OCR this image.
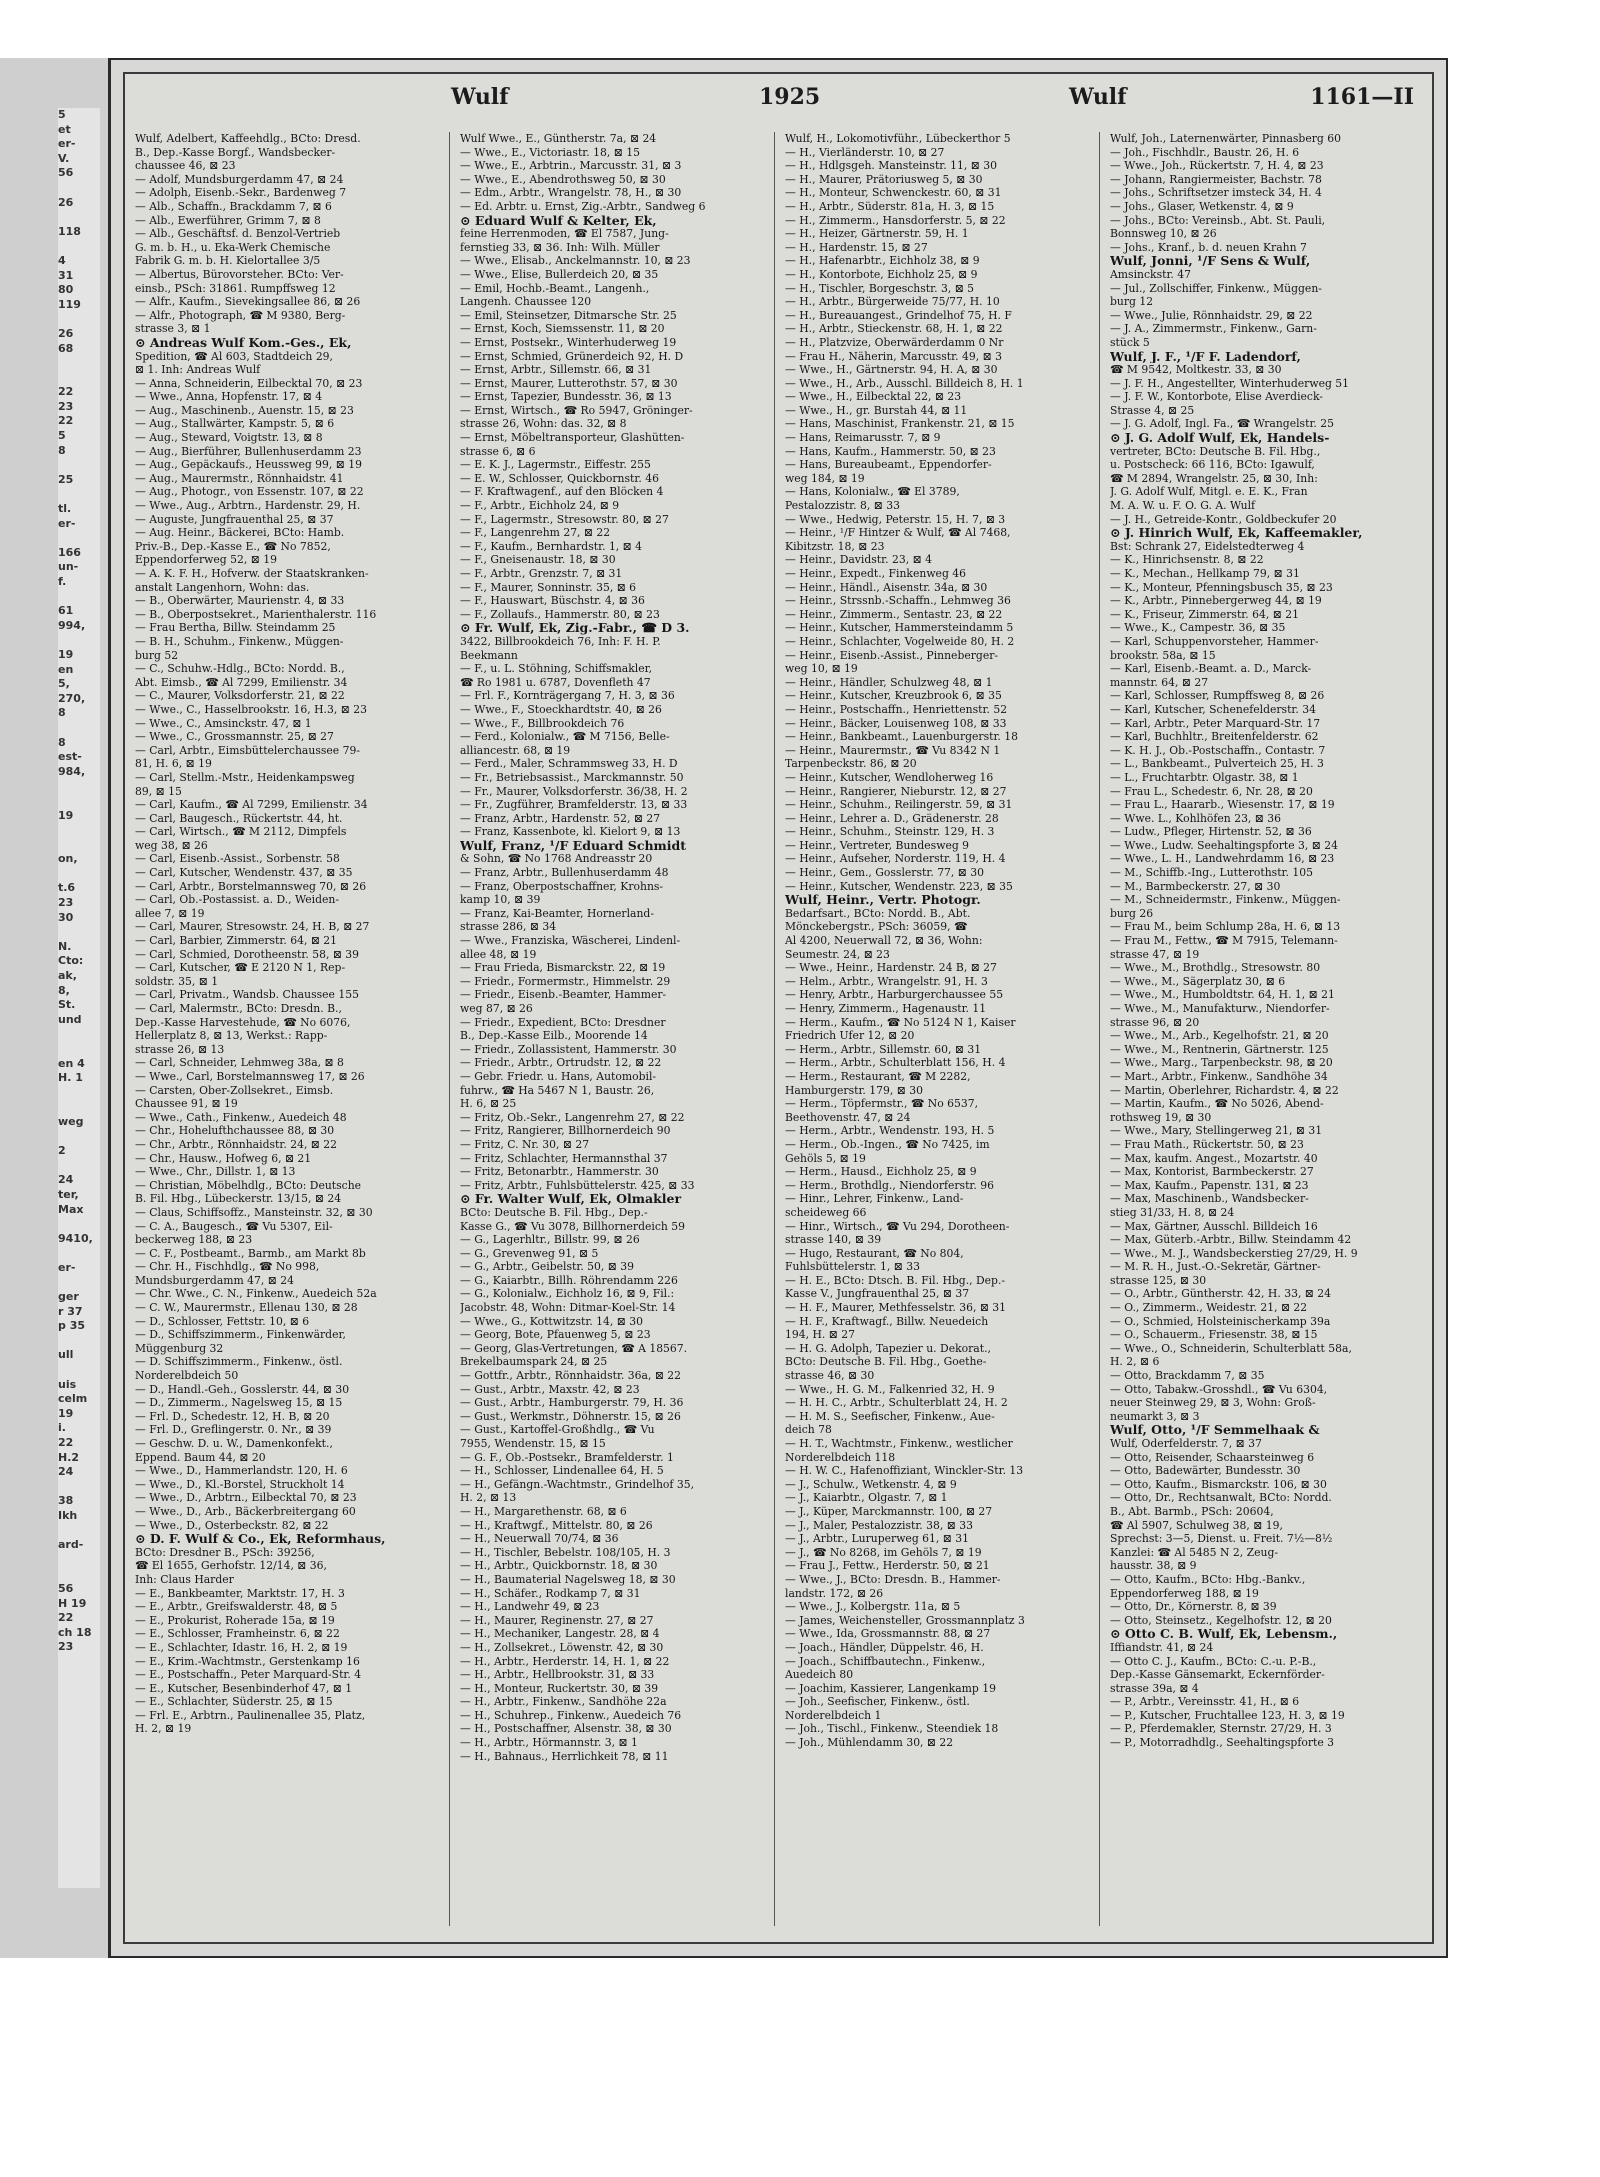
5
et
er-
V.
56

26

118

4
31
80
119

26
68

22
23
22
5
8

25

tl.
er-

166
un-
f.

61
994,

19
en
5,
270,
8

8
est-
984,

19

on,

t.6
23
30

N.
Cto:
ak,
8,
St.
und

en 4
H. 1

weg

2

24
ter,
Max

9410,

er-

ger
r 37
p 35

ull

uis
celm
19
i.
22
H.2
24

38
Ikh

ard-

56
H 19
22
ch 18
23
Wulf	1925	Wulf	1161—II
Wulf, Adelbert, Kaffeehdlg., BCto: Dresd.
B., Dep.-Kasse Borgf., Wandsbecker-
chaussee 46, ⊠ 23
— Adolf, Mundsburgerdamm 47, ⊠ 24
— Adolph, Eisenb.-Sekr., Bardenweg 7
— Alb., Schaffn., Brackdamm 7, ⊠ 6
— Alb., Ewerführer, Grimm 7, ⊠ 8
— Alb., Geschäftsf. d. Benzol-Vertrieb
G. m. b. H., u. Eka-Werk Chemische
Fabrik G. m. b. H. Kielortallee 3/5
— Albertus, Bürovorsteher. BCto: Ver-
einsb., PSch: 31861. Rumpffsweg 12
— Alfr., Kaufm., Sievekingsallee 86, ⊠ 26
— Alfr., Photograph, ☎ M 9380, Berg-
strasse 3, ⊠ 1
⊙ Andreas Wulf Kom.-Ges., Ek,
Spedition, ☎ Al 603, Stadtdeich 29,
⊠ 1. Inh: Andreas Wulf
— Anna, Schneiderin, Eilbecktal 70, ⊠ 23
— Wwe., Anna, Hopfenstr. 17, ⊠ 4
— Aug., Maschinenb., Auenstr. 15, ⊠ 23
— Aug., Stallwärter, Kampstr. 5, ⊠ 6
— Aug., Steward, Voigtstr. 13, ⊠ 8
— Aug., Bierführer, Bullenhuserdamm 23
— Aug., Gepäckaufs., Heussweg 99, ⊠ 19
— Aug., Maurermstr., Rönnhaidstr. 41
— Aug., Photogr., von Essenstr. 107, ⊠ 22
— Wwe., Aug., Arbtrn., Hardenstr. 29, H.
— Auguste, Jungfrauenthal 25, ⊠ 37
— Aug. Heinr., Bäckerei, BCto: Hamb.
Priv.-B., Dep.-Kasse E., ☎ No 7852,
Eppendorferweg 52, ⊠ 19
— A. K. F. H., Hofverw. der Staatskranken-
anstalt Langenhorn, Wohn: das.
— B., Oberwärter, Maurienstr. 4, ⊠ 33
— B., Oberpostsekret., Marienthalerstr. 116
— Frau Bertha, Billw. Steindamm 25
— B. H., Schuhm., Finkenw., Müggen-
burg 52
— C., Schuhw.-Hdlg., BCto: Nordd. B.,
Abt. Eimsb., ☎ Al 7299, Emilienstr. 34
— C., Maurer, Volksdorferstr. 21, ⊠ 22
— Wwe., C., Hasselbrookstr. 16, H.3, ⊠ 23
— Wwe., C., Amsinckstr. 47, ⊠ 1
— Wwe., C., Grossmannstr. 25, ⊠ 27
— Carl, Arbtr., Eimsbüttelerchaussee 79-
81, H. 6, ⊠ 19
— Carl, Stellm.-Mstr., Heidenkampsweg
89, ⊠ 15
— Carl, Kaufm., ☎ Al 7299, Emilienstr. 34
— Carl, Baugesch., Rückertstr. 44, ht.
— Carl, Wirtsch., ☎ M 2112, Dimpfels
weg 38, ⊠ 26
— Carl, Eisenb.-Assist., Sorbenstr. 58
— Carl, Kutscher, Wendenstr. 437, ⊠ 35
— Carl, Arbtr., Borstelmannsweg 70, ⊠ 26
— Carl, Ob.-Postassist. a. D., Weiden-
allee 7, ⊠ 19
— Carl, Maurer, Stresowstr. 24, H. B, ⊠ 27
— Carl, Barbier, Zimmerstr. 64, ⊠ 21
— Carl, Schmied, Dorotheenstr. 58, ⊠ 39
— Carl, Kutscher, ☎ E 2120 N 1, Rep-
soldstr. 35, ⊠ 1
— Carl, Privatm., Wandsb. Chaussee 155
— Carl, Malermstr., BCto: Dresdn. B.,
Dep.-Kasse Harvestehude, ☎ No 6076,
Hellerplatz 8, ⊠ 13, Werkst.: Rapp-
strasse 26, ⊠ 13
— Carl, Schneider, Lehmweg 38a, ⊠ 8
— Wwe., Carl, Borstelmannsweg 17, ⊠ 26
— Carsten, Ober-Zollsekret., Eimsb.
Chaussee 91, ⊠ 19
— Wwe., Cath., Finkenw., Auedeich 48
— Chr., Hohelufthchaussee 88, ⊠ 30
— Chr., Arbtr., Rönnhaidstr. 24, ⊠ 22
— Chr., Hausw., Hofweg 6, ⊠ 21
— Wwe., Chr., Dillstr. 1, ⊠ 13
— Christian, Möbelhdlg., BCto: Deutsche
B. Fil. Hbg., Lübeckerstr. 13/15, ⊠ 24
— Claus, Schiffsoffz., Mansteinstr. 32, ⊠ 30
— C. A., Baugesch., ☎ Vu 5307, Eil-
beckerweg 188, ⊠ 23
— C. F., Postbeamt., Barmb., am Markt 8b
— Chr. H., Fischhdlg., ☎ No 998,
Mundsburgerdamm 47, ⊠ 24
— Chr. Wwe., C. N., Finkenw., Auedeich 52a
— C. W., Maurermstr., Ellenau 130, ⊠ 28
— D., Schlosser, Fettstr. 10, ⊠ 6
— D., Schiffszimmerm., Finkenwärder,
Müggenburg 32
— D. Schiffszimmerm., Finkenw., östl.
Norderelbdeich 50
— D., Handl.-Geh., Gosslerstr. 44, ⊠ 30
— D., Zimmerm., Nagelsweg 15, ⊠ 15
— Frl. D., Schedestr. 12, H. B, ⊠ 20
— Frl. D., Greflingerstr. 0. Nr., ⊠ 39
— Geschw. D. u. W., Damenkonfekt.,
Eppend. Baum 44, ⊠ 20
— Wwe., D., Hammerlandstr. 120, H. 6
— Wwe., D., Kl.-Borstel, Struckholt 14
— Wwe., D., Arbtrn., Eilbecktal 70, ⊠ 23
— Wwe., D., Arb., Bäckerbreitergang 60
— Wwe., D., Osterbeckstr. 82, ⊠ 22
⊙ D. F. Wulf & Co., Ek, Reformhaus,
BCto: Dresdner B., PSch: 39256,
☎ El 1655, Gerhofstr. 12/14, ⊠ 36,
Inh: Claus Harder
— E., Bankbeamter, Marktstr. 17, H. 3
— E., Arbtr., Greifswalderstr. 48, ⊠ 5
— E., Prokurist, Roherade 15a, ⊠ 19
— E., Schlosser, Framheinstr. 6, ⊠ 22
— E., Schlachter, Idastr. 16, H. 2, ⊠ 19
— E., Krim.-Wachtmstr., Gerstenkamp 16
— E., Postschaffn., Peter Marquard-Str. 4
— E., Kutscher, Besenbinderhof 47, ⊠ 1
— E., Schlachter, Süderstr. 25, ⊠ 15
— Frl. E., Arbtrn., Paulinenallee 35, Platz,
H. 2, ⊠ 19
Wulf Wwe., E., Güntherstr. 7a, ⊠ 24
— Wwe., E., Victoriastr. 18, ⊠ 15
— Wwe., E., Arbtrin., Marcusstr. 31, ⊠ 3
— Wwe., E., Abendrothsweg 50, ⊠ 30
— Edm., Arbtr., Wrangelstr. 78, H., ⊠ 30
— Ed. Arbtr. u. Ernst, Zig.-Arbtr., Sandweg 6
⊙ Eduard Wulf & Kelter, Ek,
feine Herrenmoden, ☎ El 7587, Jung-
fernstieg 33, ⊠ 36. Inh: Wilh. Müller
— Wwe., Elisab., Anckelmannstr. 10, ⊠ 23
— Wwe., Elise, Bullerdeich 20, ⊠ 35
— Emil, Hochb.-Beamt., Langenh.,
Langenh. Chaussee 120
— Emil, Steinsetzer, Ditmarsche Str. 25
— Ernst, Koch, Siemssenstr. 11, ⊠ 20
— Ernst, Postsekr., Winterhuderweg 19
— Ernst, Schmied, Grünerdeich 92, H. D
— Ernst, Arbtr., Sillemstr. 66, ⊠ 31
— Ernst, Maurer, Lutterothstr. 57, ⊠ 30
— Ernst, Tapezier, Bundesstr. 36, ⊠ 13
— Ernst, Wirtsch., ☎ Ro 5947, Gröninger-
strasse 26, Wohn: das. 32, ⊠ 8
— Ernst, Möbeltransporteur, Glashütten-
strasse 6, ⊠ 6
— E. K. J., Lagermstr., Eiffestr. 255
— E. W., Schlosser, Quickbornstr. 46
— F. Kraftwagenf., auf den Blöcken 4
— F., Arbtr., Eichholz 24, ⊠ 9
— F., Lagermstr., Stresowstr. 80, ⊠ 27
— F., Langenrehm 27, ⊠ 22
— F., Kaufm., Bernhardstr. 1, ⊠ 4
— F., Gneisenaustr. 18, ⊠ 30
— F., Arbtr., Grenzstr. 7, ⊠ 31
— F., Maurer, Sonninstr. 35, ⊠ 6
— F., Hauswart, Büschstr. 4, ⊠ 36
— F., Zollaufs., Hammerstr. 80, ⊠ 23
⊙ Fr. Wulf, Ek, Zig.-Fabr., ☎ D 3.
3422, Billbrookdeich 76, Inh: F. H. P.
Beekmann
— F., u. L. Stöhning, Schiffsmakler,
☎ Ro 1981 u. 6787, Dovenfleth 47
— Frl. F., Kornträgergang 7, H. 3, ⊠ 36
— Wwe., F., Stoeckhardtstr. 40, ⊠ 26
— Wwe., F., Billbrookdeich 76
— Ferd., Kolonialw., ☎ M 7156, Belle-
alliancestr. 68, ⊠ 19
— Ferd., Maler, Schrammsweg 33, H. D
— Fr., Betriebsassist., Marckmannstr. 50
— Fr., Maurer, Volksdorferstr. 36/38, H. 2
— Fr., Zugführer, Bramfelderstr. 13, ⊠ 33
— Franz, Arbtr., Hardenstr. 52, ⊠ 27
— Franz, Kassenbote, kl. Kielort 9, ⊠ 13
Wulf, Franz, ¹/F Eduard Schmidt
& Sohn, ☎ No 1768 Andreasstr 20
— Franz, Arbtr., Bullenhuserdamm 48
— Franz, Oberpostschaffner, Krohns-
kamp 10, ⊠ 39
— Franz, Kai-Beamter, Hornerland-
strasse 286, ⊠ 34
— Wwe., Franziska, Wäscherei, Lindenl-
allee 48, ⊠ 19
— Frau Frieda, Bismarckstr. 22, ⊠ 19
— Friedr., Formermstr., Himmelstr. 29
— Friedr., Eisenb.-Beamter, Hammer-
weg 87, ⊠ 26
— Friedr., Expedient, BCto: Dresdner
B., Dep.-Kasse Eilb., Moorende 14
— Friedr., Zollassistent, Hammerstr. 30
— Friedr., Arbtr., Ortrudstr. 12, ⊠ 22
— Gebr. Friedr. u. Hans, Automobil-
fuhrw., ☎ Ha 5467 N 1, Baustr. 26,
H. 6, ⊠ 25
— Fritz, Ob.-Sekr., Langenrehm 27, ⊠ 22
— Fritz, Rangierer, Billhornerdeich 90
— Fritz, C. Nr. 30, ⊠ 27
— Fritz, Schlachter, Hermannsthal 37
— Fritz, Betonarbtr., Hammerstr. 30
— Fritz, Arbtr., Fuhlsbüttelerstr. 425, ⊠ 33
⊙ Fr. Walter Wulf, Ek, Olmakler
BCto: Deutsche B. Fil. Hbg., Dep.-
Kasse G., ☎ Vu 3078, Billhornerdeich 59
— G., Lagerhltr., Billstr. 99, ⊠ 26
— G., Grevenweg 91, ⊠ 5
— G., Arbtr., Geibelstr. 50, ⊠ 39
— G., Kaiarbtr., Billh. Röhrendamm 226
— G., Kolonialw., Eichholz 16, ⊠ 9, Fil.:
Jacobstr. 48, Wohn: Ditmar-Koel-Str. 14
— Wwe., G., Kottwitzstr. 14, ⊠ 30
— Georg, Bote, Pfauenweg 5, ⊠ 23
— Georg, Glas-Vertretungen, ☎ A 18567.
Brekelbaumspark 24, ⊠ 25
— Gottfr., Arbtr., Rönnhaidstr. 36a, ⊠ 22
— Gust., Arbtr., Maxstr. 42, ⊠ 23
— Gust., Arbtr., Hamburgerstr. 79, H. 36
— Gust., Werkmstr., Döhnerstr. 15, ⊠ 26
— Gust., Kartoffel-Großhdlg., ☎ Vu
7955, Wendenstr. 15, ⊠ 15
— G. F., Ob.-Postsekr., Bramfelderstr. 1
— H., Schlosser, Lindenallee 64, H. 5
— H., Gefängn.-Wachtmstr., Grindelhof 35,
H. 2, ⊠ 13
— H., Margarethenstr. 68, ⊠ 6
— H., Kraftwgf., Mittelstr. 80, ⊠ 26
— H., Neuerwall 70/74, ⊠ 36
— H., Tischler, Bebelstr. 108/105, H. 3
— H., Arbtr., Quickbornstr. 18, ⊠ 30
— H., Baumaterial Nagelsweg 18, ⊠ 30
— H., Schäfer., Rodkamp 7, ⊠ 31
— H., Landwehr 49, ⊠ 23
— H., Maurer, Reginenstr. 27, ⊠ 27
— H., Mechaniker, Langestr. 28, ⊠ 4
— H., Zollsekret., Löwenstr. 42, ⊠ 30
— H., Arbtr., Herderstr. 14, H. 1, ⊠ 22
— H., Arbtr., Hellbrookstr. 31, ⊠ 33
— H., Monteur, Ruckertstr. 30, ⊠ 39
— H., Arbtr., Finkenw., Sandhöhe 22a
— H., Schuhrep., Finkenw., Auedeich 76
— H., Postschaffner, Alsenstr. 38, ⊠ 30
— H., Arbtr., Hörmannstr. 3, ⊠ 1
— H., Bahnaus., Herrlichkeit 78, ⊠ 11
Wulf, H., Lokomotivführ., Lübeckerthor 5
— H., Vierländerstr. 10, ⊠ 27
— H., Hdlgsgeh. Mansteinstr. 11, ⊠ 30
— H., Maurer, Prätoriusweg 5, ⊠ 30
— H., Monteur, Schwenckestr. 60, ⊠ 31
— H., Arbtr., Süderstr. 81a, H. 3, ⊠ 15
— H., Zimmerm., Hansdorferstr. 5, ⊠ 22
— H., Heizer, Gärtnerstr. 59, H. 1
— H., Hardenstr. 15, ⊠ 27
— H., Hafenarbtr., Eichholz 38, ⊠ 9
— H., Kontorbote, Eichholz 25, ⊠ 9
— H., Tischler, Borgeschstr. 3, ⊠ 5
— H., Arbtr., Bürgerweide 75/77, H. 10
— H., Bureauangest., Grindelhof 75, H. F
— H., Arbtr., Stieckenstr. 68, H. 1, ⊠ 22
— H., Platzvize, Oberwärderdamm 0 Nr
— Frau H., Näherin, Marcusstr. 49, ⊠ 3
— Wwe., H., Gärtnerstr. 94, H. A, ⊠ 30
— Wwe., H., Arb., Ausschl. Billdeich 8, H. 1
— Wwe., H., Eilbecktal 22, ⊠ 23
— Wwe., H., gr. Burstah 44, ⊠ 11
— Hans, Maschinist, Frankenstr. 21, ⊠ 15
— Hans, Reimarusstr. 7, ⊠ 9
— Hans, Kaufm., Hammerstr. 50, ⊠ 23
— Hans, Bureaubeamt., Eppendorfer-
weg 184, ⊠ 19
— Hans, Kolonialw., ☎ El 3789,
Pestalozzistr. 8, ⊠ 33
— Wwe., Hedwig, Peterstr. 15, H. 7, ⊠ 3
— Heinr., ¹/F Hintzer & Wulf, ☎ Al 7468,
Kibitzstr. 18, ⊠ 23
— Heinr., Davidstr. 23, ⊠ 4
— Heinr., Expedt., Finkenweg 46
— Heinr., Händl., Aisenstr. 34a, ⊠ 30
— Heinr., Strssnb.-Schaffn., Lehmweg 36
— Heinr., Zimmerm., Sentastr. 23, ⊠ 22
— Heinr., Kutscher, Hammersteindamm 5
— Heinr., Schlachter, Vogelweide 80, H. 2
— Heinr., Eisenb.-Assist., Pinneberger-
weg 10, ⊠ 19
— Heinr., Händler, Schulzweg 48, ⊠ 1
— Heinr., Kutscher, Kreuzbrook 6, ⊠ 35
— Heinr., Postschaffn., Henriettenstr. 52
— Heinr., Bäcker, Louisenweg 108, ⊠ 33
— Heinr., Bankbeamt., Lauenburgerstr. 18
— Heinr., Maurermstr., ☎ Vu 8342 N 1
Tarpenbeckstr. 86, ⊠ 20
— Heinr., Kutscher, Wendloherweg 16
— Heinr., Rangierer, Nieburstr. 12, ⊠ 27
— Heinr., Schuhm., Reilingerstr. 59, ⊠ 31
— Heinr., Lehrer a. D., Grädenerstr. 28
— Heinr., Schuhm., Steinstr. 129, H. 3
— Heinr., Vertreter, Bundesweg 9
— Heinr., Aufseher, Norderstr. 119, H. 4
— Heinr., Gem., Gosslerstr. 77, ⊠ 30
— Heinr., Kutscher, Wendenstr. 223, ⊠ 35
Wulf, Heinr., Vertr. Photogr.
Bedarfsart., BCto: Nordd. B., Abt.
Mönckebergstr., PSch: 36059, ☎
Al 4200, Neuerwall 72, ⊠ 36, Wohn:
Seumestr. 24, ⊠ 23
— Wwe., Heinr., Hardenstr. 24 B, ⊠ 27
— Helm., Arbtr., Wrangelstr. 91, H. 3
— Henry, Arbtr., Harburgerchaussee 55
— Henry, Zimmerm., Hagenaustr. 11
— Herm., Kaufm., ☎ No 5124 N 1, Kaiser
Friedrich Ufer 12, ⊠ 20
— Herm., Arbtr., Sillemstr. 60, ⊠ 31
— Herm., Arbtr., Schulterblatt 156, H. 4
— Herm., Restaurant, ☎ M 2282,
Hamburgerstr. 179, ⊠ 30
— Herm., Töpfermstr., ☎ No 6537,
Beethovenstr. 47, ⊠ 24
— Herm., Arbtr., Wendenstr. 193, H. 5
— Herm., Ob.-Ingen., ☎ No 7425, im
Gehöls 5, ⊠ 19
— Herm., Hausd., Eichholz 25, ⊠ 9
— Herm., Brothdlg., Niendorferstr. 96
— Hinr., Lehrer, Finkenw., Land-
scheideweg 66
— Hinr., Wirtsch., ☎ Vu 294, Dorotheen-
strasse 140, ⊠ 39
— Hugo, Restaurant, ☎ No 804,
Fuhlsbüttelerstr. 1, ⊠ 33
— H. E., BCto: Dtsch. B. Fil. Hbg., Dep.-
Kasse V., Jungfrauenthal 25, ⊠ 37
— H. F., Maurer, Methfesselstr. 36, ⊠ 31
— H. F., Kraftwagf., Billw. Neuedeich
194, H. ⊠ 27
— H. G. Adolph, Tapezier u. Dekorat.,
BCto: Deutsche B. Fil. Hbg., Goethe-
strasse 46, ⊠ 30
— Wwe., H. G. M., Falkenried 32, H. 9
— H. H. C., Arbtr., Schulterblatt 24, H. 2
— H. M. S., Seefischer, Finkenw., Aue-
deich 78
— H. T., Wachtmstr., Finkenw., westlicher
Norderelbdeich 118
— H. W. C., Hafenoffiziant, Winckler-Str. 13
— J., Schulw., Wetkenstr. 4, ⊠ 9
— J., Kaiarbtr., Olgastr. 7, ⊠ 1
— J., Küper, Marckmannstr. 100, ⊠ 27
— J., Maler, Pestalozzistr. 38, ⊠ 33
— J., Arbtr., Luruperweg 61, ⊠ 31
— J., ☎ No 8268, im Gehöls 7, ⊠ 19
— Frau J., Fettw., Herderstr. 50, ⊠ 21
— Wwe., J., BCto: Dresdn. B., Hammer-
landstr. 172, ⊠ 26
— Wwe., J., Kolbergstr. 11a, ⊠ 5
— James, Weichensteller, Grossmannplatz 3
— Wwe., Ida, Grossmannstr. 88, ⊠ 27
— Joach., Händler, Düppelstr. 46, H.
— Joach., Schiffbautechn., Finkenw.,
Auedeich 80
— Joachim, Kassierer, Langenkamp 19
— Joh., Seefischer, Finkenw., östl.
Norderelbdeich 1
— Joh., Tischl., Finkenw., Steendiek 18
— Joh., Mühlendamm 30, ⊠ 22
Wulf, Joh., Laternenwärter, Pinnasberg 60
— Joh., Fischhdlr., Baustr. 26, H. 6
— Wwe., Joh., Rückertstr. 7, H. 4, ⊠ 23
— Johann, Rangiermeister, Bachstr. 78
— Johs., Schriftsetzer imsteck 34, H. 4
— Johs., Glaser, Wetkenstr. 4, ⊠ 9
— Johs., BCto: Vereinsb., Abt. St. Pauli,
Bonnsweg 10, ⊠ 26
— Johs., Kranf., b. d. neuen Krahn 7
Wulf, Jonni, ¹/F Sens & Wulf,
Amsinckstr. 47
— Jul., Zollschiffer, Finkenw., Müggen-
burg 12
— Wwe., Julie, Rönnhaidstr. 29, ⊠ 22
— J. A., Zimmermstr., Finkenw., Garn-
stück 5
Wulf, J. F., ¹/F F. Ladendorf,
☎ M 9542, Moltkestr. 33, ⊠ 30
— J. F. H., Angestellter, Winterhuderweg 51
— J. F. W., Kontorbote, Elise Averdieck-
Strasse 4, ⊠ 25
— J. G. Adolf, Ingl. Fa., ☎ Wrangelstr. 25
⊙ J. G. Adolf Wulf, Ek, Handels-
vertreter, BCto: Deutsche B. Fil. Hbg.,
u. Postscheck: 66 116, BCto: Igawulf,
☎ M 2894, Wrangelstr. 25, ⊠ 30, Inh:
J. G. Adolf Wulf, Mitgl. e. E. K., Fran
M. A. W. u. F. O. G. A. Wulf
— J. H., Getreide-Kontr., Goldbeckufer 20
⊙ J. Hinrich Wulf, Ek, Kaffeemakler,
Bst: Schrank 27, Eidelstedterweg 4
— K., Hinrichsenstr. 8, ⊠ 22
— K., Mechan., Hellkamp 79, ⊠ 31
— K., Monteur, Pfenningsbusch 35, ⊠ 23
— K., Arbtr., Pinnebergerweg 44, ⊠ 19
— K., Friseur, Zimmerstr. 64, ⊠ 21
— Wwe., K., Campestr. 36, ⊠ 35
— Karl, Schuppenvorsteher, Hammer-
brookstr. 58a, ⊠ 15
— Karl, Eisenb.-Beamt. a. D., Marck-
mannstr. 64, ⊠ 27
— Karl, Schlosser, Rumpffsweg 8, ⊠ 26
— Karl, Kutscher, Schenefelderstr. 34
— Karl, Arbtr., Peter Marquard-Str. 17
— Karl, Buchhltr., Breitenfelderstr. 62
— K. H. J., Ob.-Postschaffn., Contastr. 7
— L., Bankbeamt., Pulverteich 25, H. 3
— L., Fruchtarbtr. Olgastr. 38, ⊠ 1
— Frau L., Schedestr. 6, Nr. 28, ⊠ 20
— Frau L., Haararb., Wiesenstr. 17, ⊠ 19
— Wwe. L., Kohlhöfen 23, ⊠ 36
— Ludw., Pfleger, Hirtenstr. 52, ⊠ 36
— Wwe., Ludw. Seehaltingspforte 3, ⊠ 24
— Wwe., L. H., Landwehrdamm 16, ⊠ 23
— M., Schiffb.-Ing., Lutterothstr. 105
— M., Barmbeckerstr. 27, ⊠ 30
— M., Schneidermstr., Finkenw., Müggen-
burg 26
— Frau M., beim Schlump 28a, H. 6, ⊠ 13
— Frau M., Fettw., ☎ M 7915, Telemann-
strasse 47, ⊠ 19
— Wwe., M., Brothdlg., Stresowstr. 80
— Wwe., M., Sägerplatz 30, ⊠ 6
— Wwe., M., Humboldtstr. 64, H. 1, ⊠ 21
— Wwe., M., Manufakturw., Niendorfer-
strasse 96, ⊠ 20
— Wwe., M., Arb., Kegelhofstr. 21, ⊠ 20
— Wwe., M., Rentnerin, Gärtnerstr. 125
— Wwe., Marg., Tarpenbeckstr. 98, ⊠ 20
— Mart., Arbtr., Finkenw., Sandhöhe 34
— Martin, Oberlehrer, Richardstr. 4, ⊠ 22
— Martin, Kaufm., ☎ No 5026, Abend-
rothsweg 19, ⊠ 30
— Wwe., Mary, Stellingerweg 21, ⊠ 31
— Frau Math., Rückertstr. 50, ⊠ 23
— Max, kaufm. Angest., Mozartstr. 40
— Max, Kontorist, Barmbeckerstr. 27
— Max, Kaufm., Papenstr. 131, ⊠ 23
— Max, Maschinenb., Wandsbecker-
stieg 31/33, H. 8, ⊠ 24
— Max, Gärtner, Ausschl. Billdeich 16
— Max, Güterb.-Arbtr., Billw. Steindamm 42
— Wwe., M. J., Wandsbeckerstieg 27/29, H. 9
— M. R. H., Just.-O.-Sekretär, Gärtner-
strasse 125, ⊠ 30
— O., Arbtr., Güntherstr. 42, H. 33, ⊠ 24
— O., Zimmerm., Weidestr. 21, ⊠ 22
— O., Schmied, Holsteinischerkamp 39a
— O., Schauerm., Friesenstr. 38, ⊠ 15
— Wwe., O., Schneiderin, Schulterblatt 58a,
H. 2, ⊠ 6
— Otto, Brackdamm 7, ⊠ 35
— Otto, Tabakw.-Grosshdl., ☎ Vu 6304,
neuer Steinweg 29, ⊠ 3, Wohn: Groß-
neumarkt 3, ⊠ 3
Wulf, Otto, ¹/F Semmelhaak &
Wulf, Oderfelderstr. 7, ⊠ 37
— Otto, Reisender, Schaarsteinweg 6
— Otto, Badewärter, Bundesstr. 30
— Otto, Kaufm., Bismarckstr. 106, ⊠ 30
— Otto, Dr., Rechtsanwalt, BCto: Nordd.
B., Abt. Barmb., PSch: 20604,
☎ Al 5907, Schulweg 38, ⊠ 19,
Sprechst: 3—5, Dienst. u. Freit. 7½—8½
Kanzlei: ☎ Al 5485 N 2, Zeug-
hausstr. 38, ⊠ 9
— Otto, Kaufm., BCto: Hbg.-Bankv.,
Eppendorferweg 188, ⊠ 19
— Otto, Dr., Körnerstr. 8, ⊠ 39
— Otto, Steinsetz., Kegelhofstr. 12, ⊠ 20
⊙ Otto C. B. Wulf, Ek, Lebensm.,
Iffiandstr. 41, ⊠ 24
— Otto C. J., Kaufm., BCto: C.-u. P.-B.,
Dep.-Kasse Gänsemarkt, Eckernförder-
strasse 39a, ⊠ 4
— P., Arbtr., Vereinsstr. 41, H., ⊠ 6
— P., Kutscher, Fruchtallee 123, H. 3, ⊠ 19
— P., Pferdemakler, Sternstr. 27/29, H. 3
— P., Motorradhdlg., Seehaltingspforte 3
